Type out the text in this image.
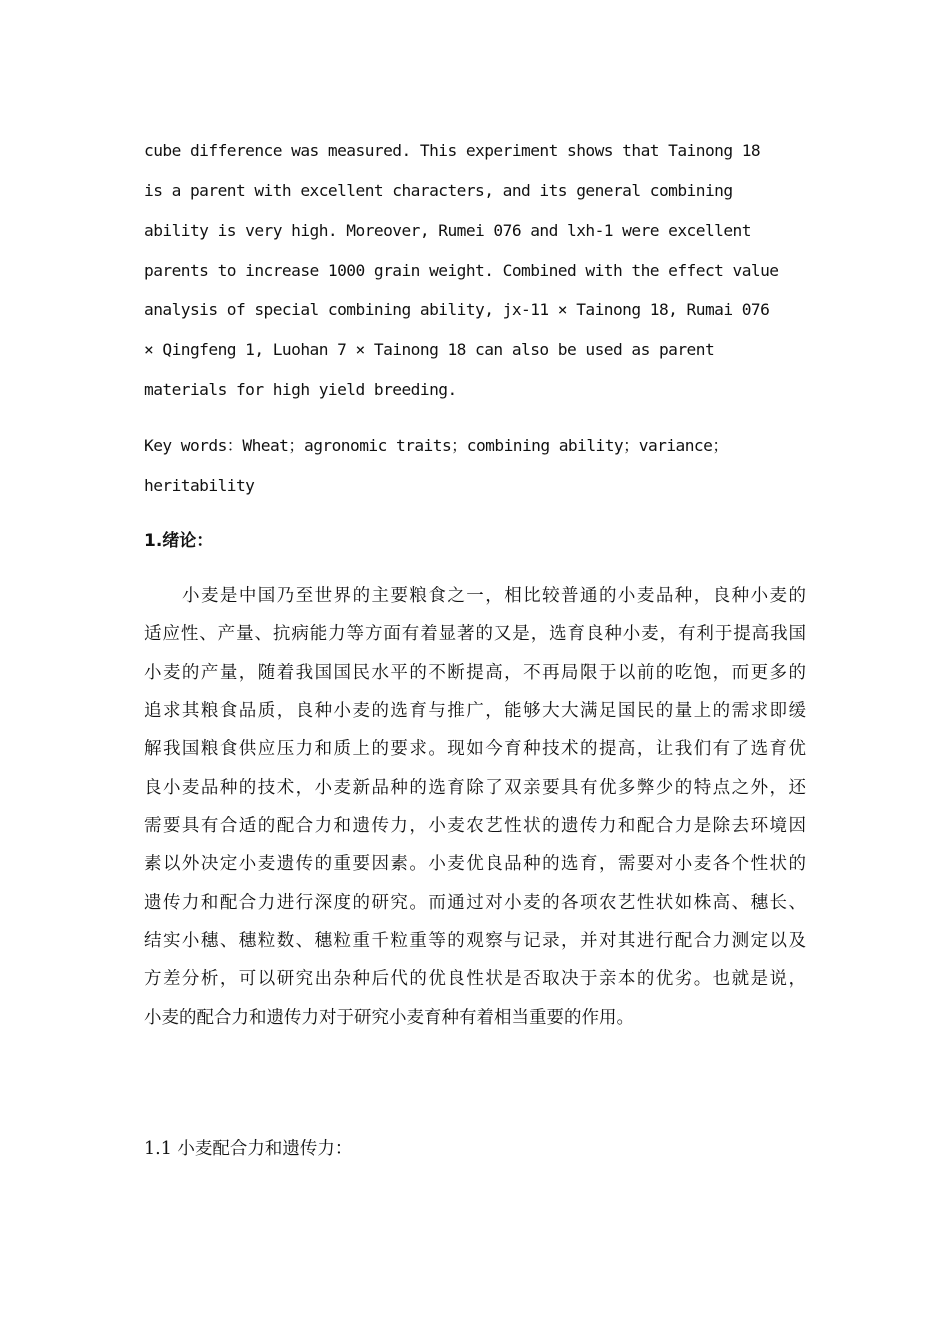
cube difference was measured. This experiment shows that Tainong 18
is a parent with excellent characters, and its general combining
ability is very high. Moreover, Rumei 076 and lxh-1 were excellent
parents to increase 1000 grain weight. Combined with the effect value
analysis of special combining ability, jx-11 × Tainong 18, Rumai 076
× Qingfeng 1, Luohan 7 × Tainong 18 can also be used as parent
materials for high yield breeding.
Key words：Wheat；agronomic traits；combining ability；variance；
heritability
1.绪论：
小麦是中国乃至世界的主要粮食之一，相比较普通的小麦品种，良种小麦的
适应性、产量、抗病能力等方面有着显著的又是，选育良种小麦，有利于提高我国
小麦的产量，随着我国国民水平的不断提高，不再局限于以前的吃饱，而更多的
追求其粮食品质，良种小麦的选育与推广，能够大大满足国民的量上的需求即缓
解我国粮食供应压力和质上的要求。现如今育种技术的提高，让我们有了选育优
良小麦品种的技术，小麦新品种的选育除了双亲要具有优多弊少的特点之外，还
需要具有合适的配合力和遗传力，小麦农艺性状的遗传力和配合力是除去环境因
素以外决定小麦遗传的重要因素。小麦优良品种的选育，需要对小麦各个性状的
遗传力和配合力进行深度的研究。而通过对小麦的各项农艺性状如株高、穗长、
结实小穗、穗粒数、穗粒重千粒重等的观察与记录，并对其进行配合力测定以及
方差分析，可以研究出杂种后代的优良性状是否取决于亲本的优劣。也就是说，
小麦的配合力和遗传力对于研究小麦育种有着相当重要的作用。
1.1 小麦配合力和遗传力：
